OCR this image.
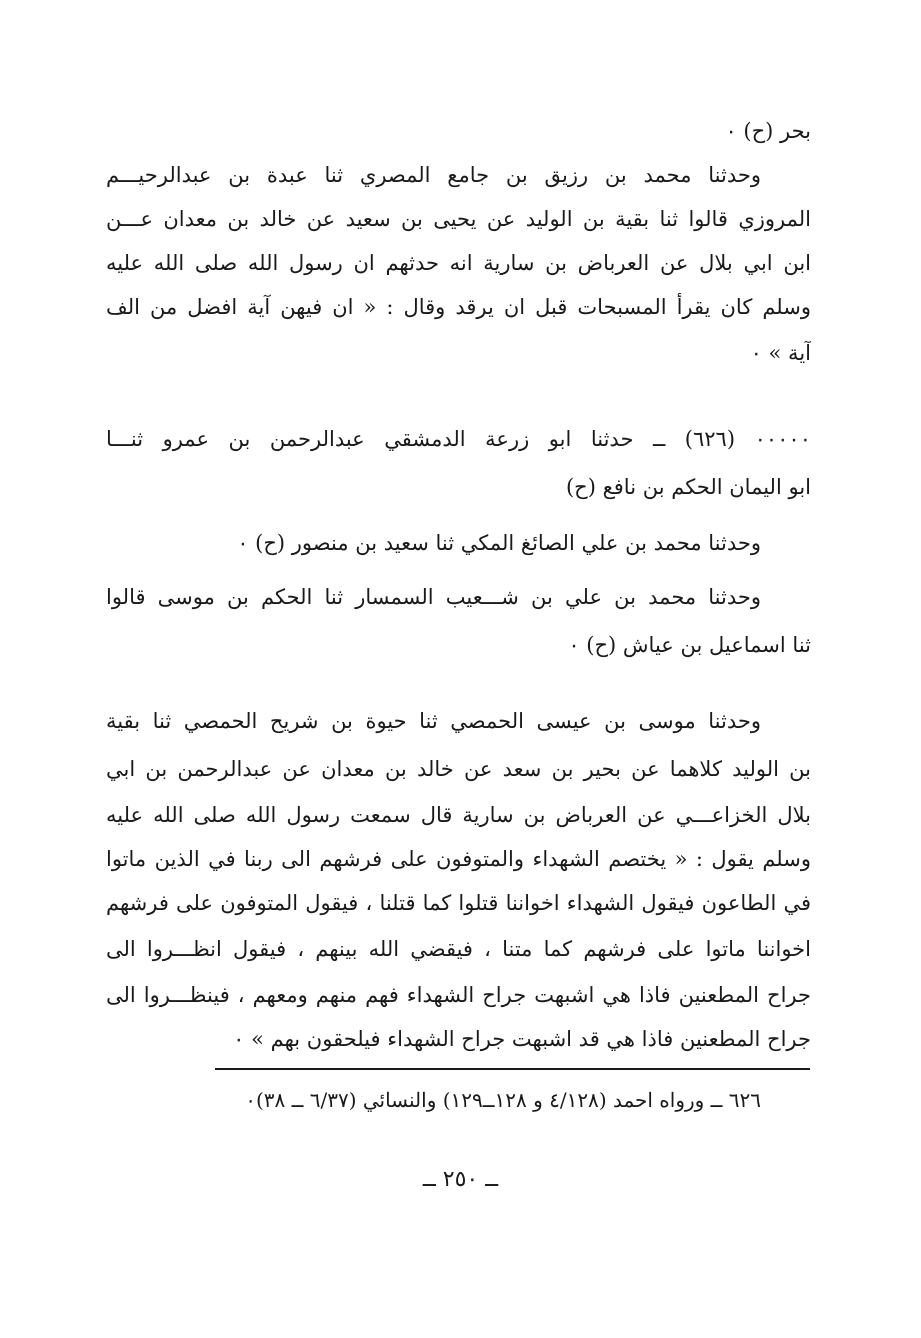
بحر (ح) ٠
وحدثنا محمد بن رزيق بن جامع المصري ثنا عبدة بن عبدالرحيـــم
المروزي قالوا ثنا بقية بن الوليد عن يحيى بن سعيد عن خالد بن معدان عـــن
ابن ابي بلال عن العرباض بن سارية انه حدثهم ان رسول الله صلى الله عليه
وسلم كان يقرأ المسبحات قبل ان يرقد وقال : « ان فيهن آية افضل من الف
آية » ٠
٠٠٠٠٠ (٦٢٦) ــ حدثنا ابو زرعة الدمشقي عبدالرحمن بن عمرو ثنـــا
ابو اليمان الحكم بن نافع (ح)
وحدثنا محمد بن علي الصائغ المكي ثنا سعيد بن منصور (ح) ٠
وحدثنا محمد بن علي بن شـــعيب السمسار ثنا الحكم بن موسى قالوا
ثنا اسماعيل بن عياش (ح) ٠
وحدثنا موسى بن عيسى الحمصي ثنا حيوة بن شريح الحمصي ثنا بقية
بن الوليد كلاهما عن بحير بن سعد عن خالد بن معدان عن عبدالرحمن بن ابي
بلال الخزاعـــي عن العرباض بن سارية قال سمعت رسول الله صلى الله عليه
وسلم يقول : « يختصم الشهداء والمتوفون على فرشهم الى ربنا في الذين ماتوا
في الطاعون فيقول الشهداء اخواننا قتلوا كما قتلنا ، فيقول المتوفون على فرشهم
اخواننا ماتوا على فرشهم كما متنا ، فيقضي الله بينهم ، فيقول انظـــروا الى
جراح المطعنين فاذا هي اشبهت جراح الشهداء فهم منهم ومعهم ، فينظـــروا الى
جراح المطعنين فاذا هي قد اشبهت جراح الشهداء فيلحقون بهم » ٠
٦٢٦ ــ ورواه احمد (٤/١٢٨ و ١٢٨ــ١٢٩) والنسائي (٦/٣٧ ــ ٣٨)٠
ــ ٢٥٠ ــ
